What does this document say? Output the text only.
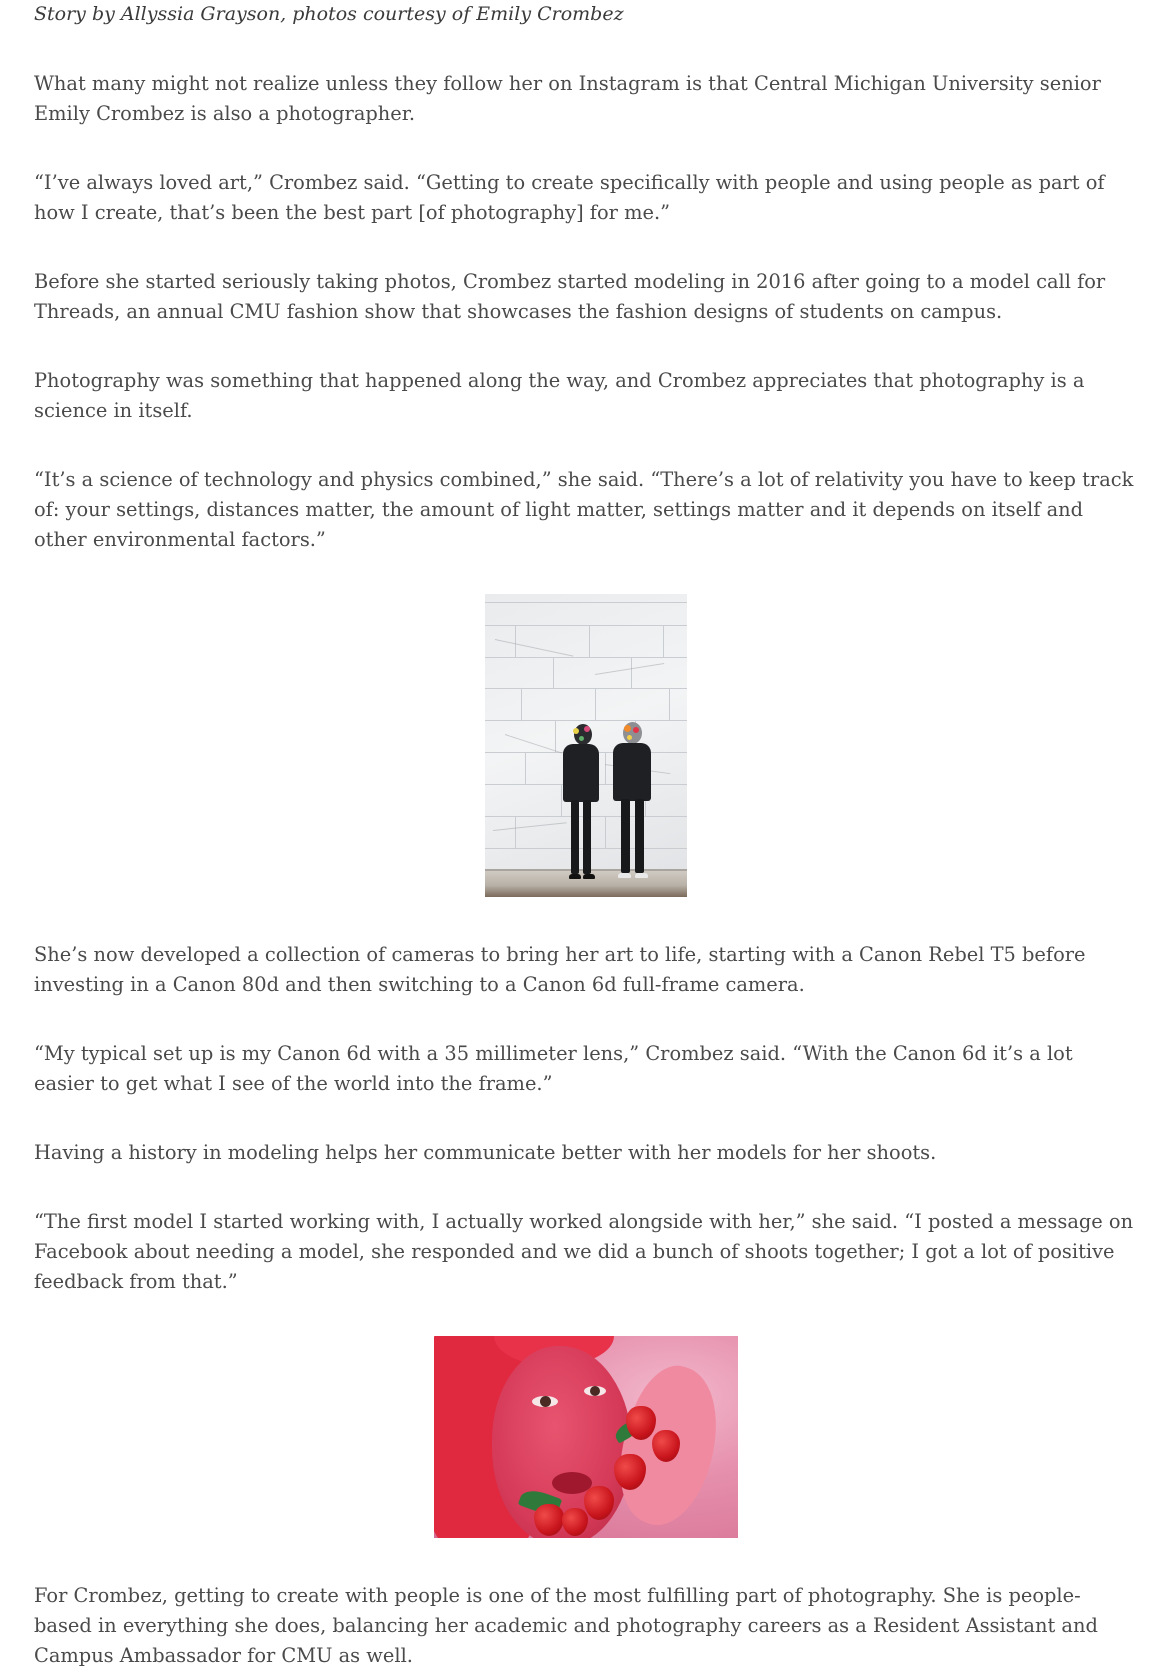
Story by Allyssia Grayson, photos courtesy of Emily Crombez

What many might not realize unless they follow her on Instagram is that Central Michigan University senior Emily Crombez is also a photographer.

“I’ve always loved art,” Crombez said. “Getting to create specifically with people and using people as part of how I create, that’s been the best part [of photography] for me.”

Before she started seriously taking photos, Crombez started modeling in 2016 after going to a model call for Threads, an annual CMU fashion show that showcases the fashion designs of students on campus.

Photography was something that happened along the way, and Crombez appreciates that photography is a science in itself.

“It’s a science of technology and physics combined,” she said. “There’s a lot of relativity you have to keep track of: your settings, distances matter, the amount of light matter, settings matter and it depends on itself and other environmental factors.”

She’s now developed a collection of cameras to bring her art to life, starting with a Canon Rebel T5 before investing in a Canon 80d and then switching to a Canon 6d full-frame camera.

“My typical set up is my Canon 6d with a 35 millimeter lens,” Crombez said. “With the Canon 6d it’s a lot easier to get what I see of the world into the frame.”

Having a history in modeling helps her communicate better with her models for her shoots.

“The first model I started working with, I actually worked alongside with her,” she said. “I posted a message on Facebook about needing a model, she responded and we did a bunch of shoots together; I got a lot of positive feedback from that.”

For Crombez, getting to create with people is one of the most fulfilling part of photography. She is people-based in everything she does, balancing her academic and photography careers as a Resident Assistant and Campus Ambassador for CMU as well.
